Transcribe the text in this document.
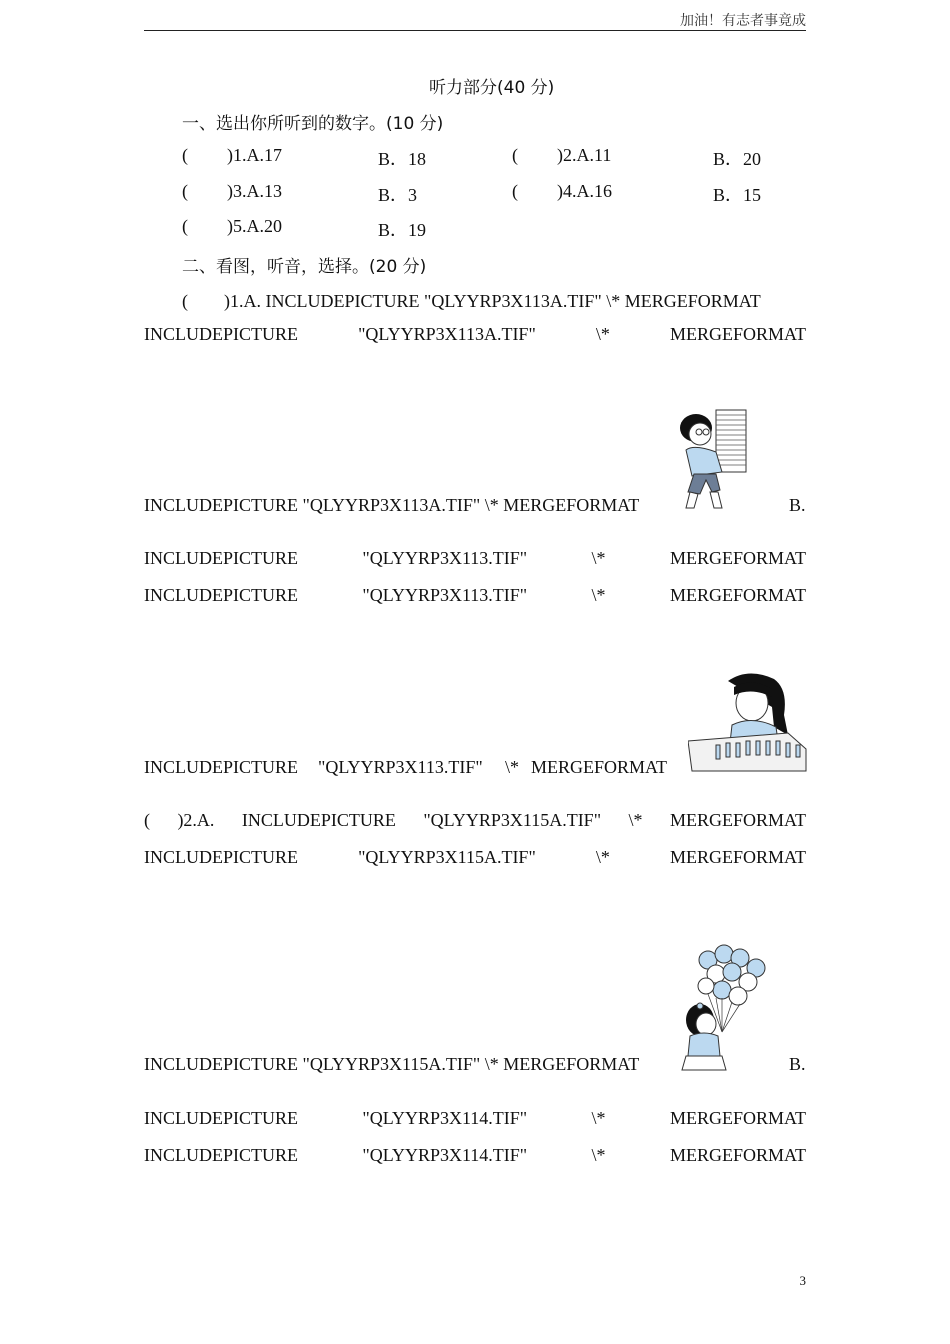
加油！有志者事竟成
听力部分(40 分)
一、选出你所听到的数字。(10 分)
( )1.A.17	B．18	( )2.A.11	B．20
( )3.A.13	B．3	( )4.A.16	B．15
( )5.A.20	B．19
二、看图，听音，选择。(20 分)
(　　)1.A. INCLUDEPICTURE "QLYYRP3X113A.TIF" \* MERGEFORMAT
INCLUDEPICTURE	"QLYYRP3X113A.TIF"	\*	MERGEFORMAT
INCLUDEPICTURE "QLYYRP3X113A.TIF" \* MERGEFORMAT	B.
INCLUDEPICTURE	"QLYYRP3X113.TIF"	\*	MERGEFORMAT
INCLUDEPICTURE	"QLYYRP3X113.TIF"	\*	MERGEFORMAT
INCLUDEPICTURE "QLYYRP3X113.TIF" \* MERGEFORMAT
( )2.A. INCLUDEPICTURE "QLYYRP3X115A.TIF" \* MERGEFORMAT
INCLUDEPICTURE	"QLYYRP3X115A.TIF"	\*	MERGEFORMAT
INCLUDEPICTURE "QLYYRP3X115A.TIF" \* MERGEFORMAT	B.
INCLUDEPICTURE	"QLYYRP3X114.TIF"	\*	MERGEFORMAT
INCLUDEPICTURE	"QLYYRP3X114.TIF"	\*	MERGEFORMAT
3
